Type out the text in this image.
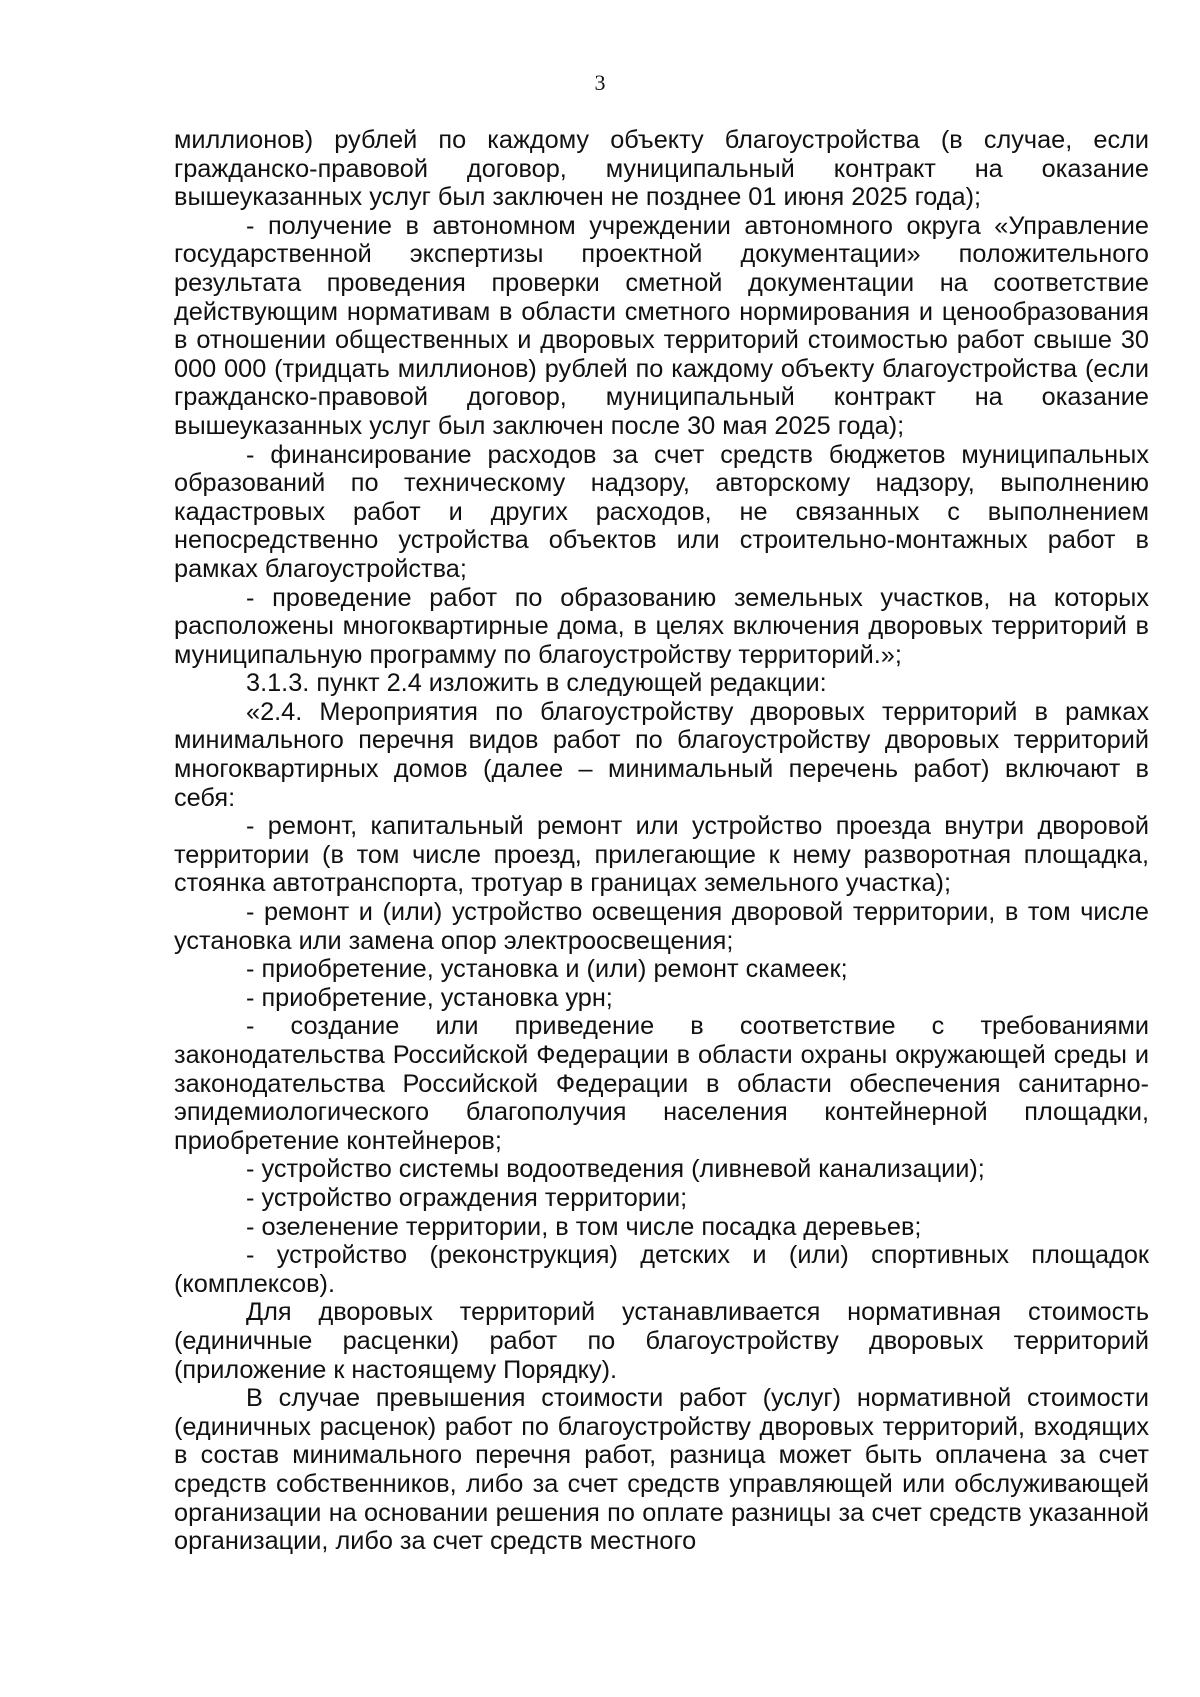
3

миллионов) рублей по каждому объекту благоустройства (в случае, если гражданско-правовой договор, муниципальный контракт на оказание вышеуказанных услуг был заключен не позднее 01 июня 2025 года);

- получение в автономном учреждении автономного округа «Управление государственной экспертизы проектной документации» положительного результата проведения проверки сметной документации на соответствие действующим нормативам в области сметного нормирования и ценообразования в отношении общественных и дворовых территорий стоимостью работ свыше 30 000 000 (тридцать миллионов) рублей по каждому объекту благоустройства (если гражданско-правовой договор, муниципальный контракт на оказание вышеуказанных услуг был заключен после 30 мая 2025 года);

- финансирование расходов за счет средств бюджетов муниципальных образований по техническому надзору, авторскому надзору, выполнению кадастровых работ и других расходов, не связанных с выполнением непосредственно устройства объектов или строительно-монтажных работ в рамках благоустройства;

- проведение работ по образованию земельных участков, на которых расположены многоквартирные дома, в целях включения дворовых территорий в муниципальную программу по благоустройству территорий.»;

3.1.3. пункт 2.4 изложить в следующей редакции:

«2.4. Мероприятия по благоустройству дворовых территорий в рамках минимального перечня видов работ по благоустройству дворовых территорий многоквартирных домов (далее – минимальный перечень работ) включают в себя:

- ремонт, капитальный ремонт или устройство проезда внутри дворовой территории (в том числе проезд, прилегающие к нему разворотная площадка, стоянка автотранспорта, тротуар в границах земельного участка);

- ремонт и (или) устройство освещения дворовой территории, в том числе установка или замена опор электроосвещения;

- приобретение, установка и (или) ремонт скамеек;

- приобретение, установка урн;

- создание или приведение в соответствие с требованиями законодательства Российской Федерации в области охраны окружающей среды и законодательства Российской Федерации в области обеспечения санитарно-эпидемиологического благополучия населения контейнерной площадки, приобретение контейнеров;

- устройство системы водоотведения (ливневой канализации);

- устройство ограждения территории;

- озеленение территории, в том числе посадка деревьев;

- устройство (реконструкция) детских и (или) спортивных площадок (комплексов).

Для дворовых территорий устанавливается нормативная стоимость (единичные расценки) работ по благоустройству дворовых территорий (приложение к настоящему Порядку).

В случае превышения стоимости работ (услуг) нормативной стоимости (единичных расценок) работ по благоустройству дворовых территорий, входящих в состав минимального перечня работ, разница может быть оплачена за счет средств собственников, либо за счет средств управляющей или обслуживающей организации на основании решения по оплате разницы за счет средств указанной организации, либо за счет средств местного
